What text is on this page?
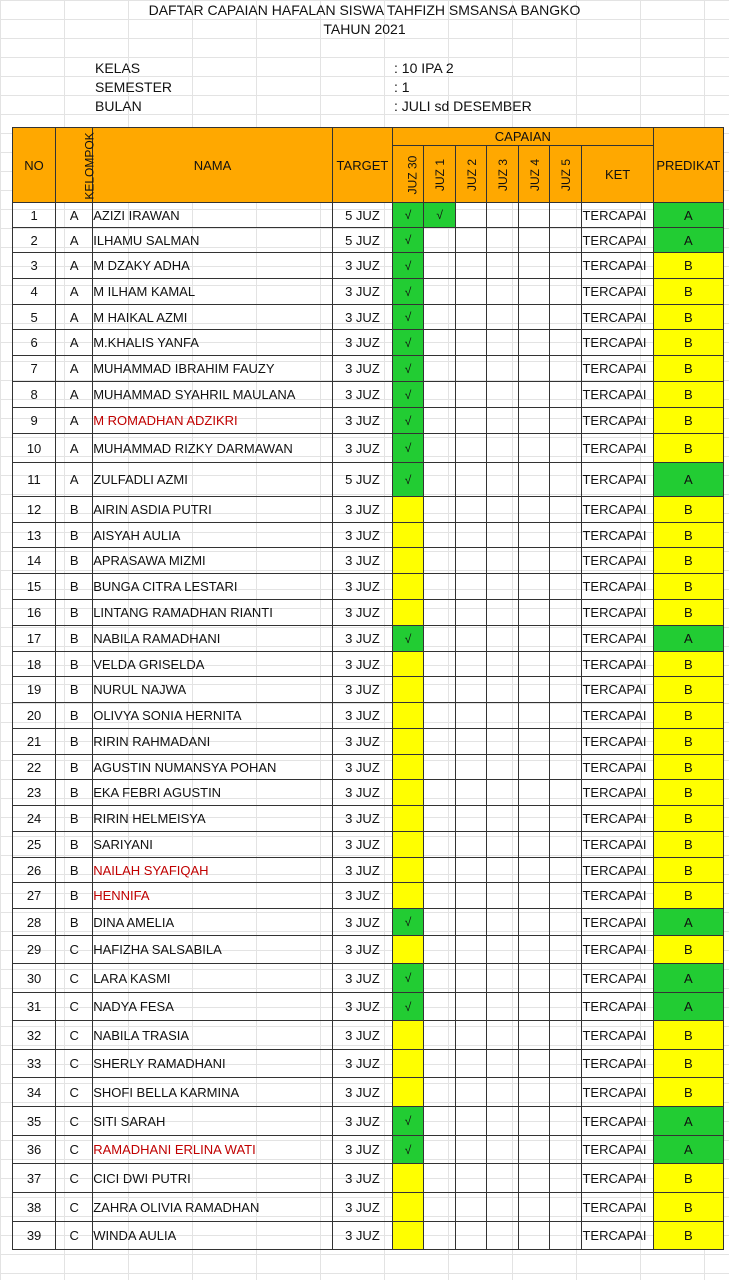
DAFTAR CAPAIAN HAFALAN SISWA TAHFIZH SMSANSA BANGKO
TAHUN 2021
KELAS	: 10 IPA 2
SEMESTER	: 1
BULAN	: JULI sd DESEMBER
NO	KELOMPOK	NAMA	TARGET	CAPAIAN							PREDIKAT
				JUZ 30	JUZ 1	JUZ 2	JUZ 3	JUZ 4	JUZ 5	KET	
1	A	AZIZI IRAWAN	5 JUZ	√	√					TERCAPAI	A
2	A	ILHAMU SALMAN	5 JUZ	√						TERCAPAI	A
3	A	M DZAKY ADHA	3 JUZ	√						TERCAPAI	B
4	A	M ILHAM KAMAL	3 JUZ	√						TERCAPAI	B
5	A	M HAIKAL AZMI	3 JUZ	√						TERCAPAI	B
6	A	M.KHALIS YANFA	3 JUZ	√						TERCAPAI	B
7	A	MUHAMMAD IBRAHIM FAUZY	3 JUZ	√						TERCAPAI	B
8	A	MUHAMMAD SYAHRIL MAULANA	3 JUZ	√						TERCAPAI	B
9	A	M ROMADHAN ADZIKRI	3 JUZ	√						TERCAPAI	B
10	A	MUHAMMAD RIZKY DARMAWAN	3 JUZ	√						TERCAPAI	B
11	A	ZULFADLI AZMI	5 JUZ	√						TERCAPAI	A
12	B	AIRIN ASDIA PUTRI	3 JUZ							TERCAPAI	B
13	B	AISYAH AULIA	3 JUZ							TERCAPAI	B
14	B	APRASAWA MIZMI	3 JUZ							TERCAPAI	B
15	B	BUNGA CITRA LESTARI	3 JUZ							TERCAPAI	B
16	B	LINTANG RAMADHAN RIANTI	3 JUZ							TERCAPAI	B
17	B	NABILA RAMADHANI	3 JUZ	√						TERCAPAI	A
18	B	VELDA GRISELDA	3 JUZ							TERCAPAI	B
19	B	NURUL NAJWA	3 JUZ							TERCAPAI	B
20	B	OLIVYA SONIA HERNITA	3 JUZ							TERCAPAI	B
21	B	RIRIN RAHMADANI	3 JUZ							TERCAPAI	B
22	B	AGUSTIN NUMANSYA POHAN	3 JUZ							TERCAPAI	B
23	B	EKA FEBRI AGUSTIN	3 JUZ							TERCAPAI	B
24	B	RIRIN HELMEISYA	3 JUZ							TERCAPAI	B
25	B	SARIYANI	3 JUZ							TERCAPAI	B
26	B	NAILAH SYAFIQAH	3 JUZ							TERCAPAI	B
27	B	HENNIFA	3 JUZ							TERCAPAI	B
28	B	DINA AMELIA	3 JUZ	√						TERCAPAI	A
29	C	HAFIZHA SALSABILA	3 JUZ							TERCAPAI	B
30	C	LARA KASMI	3 JUZ	√						TERCAPAI	A
31	C	NADYA FESA	3 JUZ	√						TERCAPAI	A
32	C	NABILA TRASIA	3 JUZ							TERCAPAI	B
33	C	SHERLY RAMADHANI	3 JUZ							TERCAPAI	B
34	C	SHOFI BELLA KARMINA	3 JUZ							TERCAPAI	B
35	C	SITI SARAH	3 JUZ	√						TERCAPAI	A
36	C	RAMADHANI ERLINA WATI	3 JUZ	√						TERCAPAI	A
37	C	CICI DWI PUTRI	3 JUZ							TERCAPAI	B
38	C	ZAHRA OLIVIA RAMADHAN	3 JUZ							TERCAPAI	B
39	C	WINDA AULIA	3 JUZ							TERCAPAI	B
